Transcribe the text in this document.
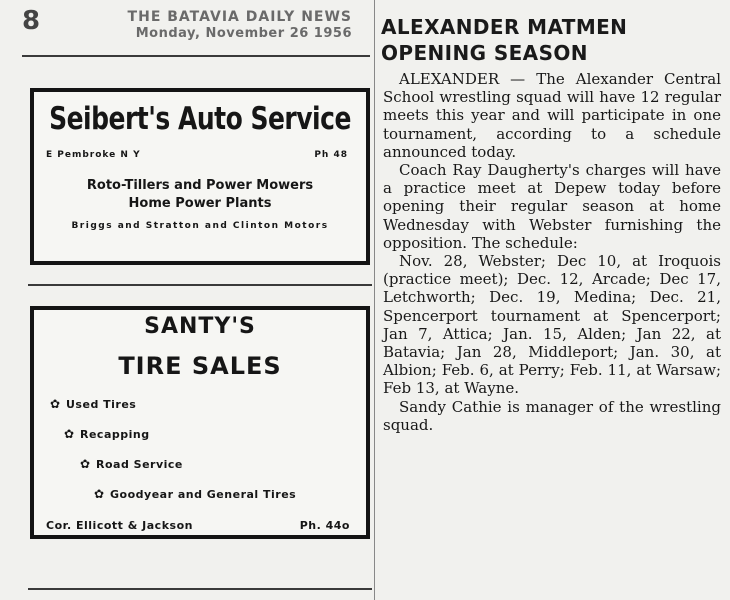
8	THE BATAVIA DAILY NEWS
Monday, November 26 1956
Seibert's Auto Service
E Pembroke N Y	Ph 48
Roto-Tillers and Power Mowers
Home Power Plants
Briggs and Stratton and Clinton Motors
SANTY'S
TIRE SALES
✿ Used Tires
✿ Recapping
✿ Road Service
✿ Goodyear and General Tires
Cor. Ellicott & Jackson	Ph. 44o
ALEXANDER MATMEN
OPENING SEASON

ALEXANDER — The Alexander Central School wrestling squad will have 12 regular meets this year and will participate in one tournament, according to a schedule announced today.

Coach Ray Daugherty's charges will have a practice meet at Depew today before opening their regular season at home Wednesday with Webster furnishing the opposition. The schedule:

Nov. 28, Webster; Dec 10, at Iroquois (practice meet); Dec. 12, Arcade; Dec 17, Letchworth; Dec. 19, Medina; Dec. 21, Spencerport tournament at Spencerport; Jan 7, Attica; Jan. 15, Alden; Jan 22, at Batavia; Jan 28, Middleport; Jan. 30, at Albion; Feb. 6, at Perry; Feb. 11, at Warsaw; Feb 13, at Wayne.

Sandy Cathie is manager of the wrestling squad.
